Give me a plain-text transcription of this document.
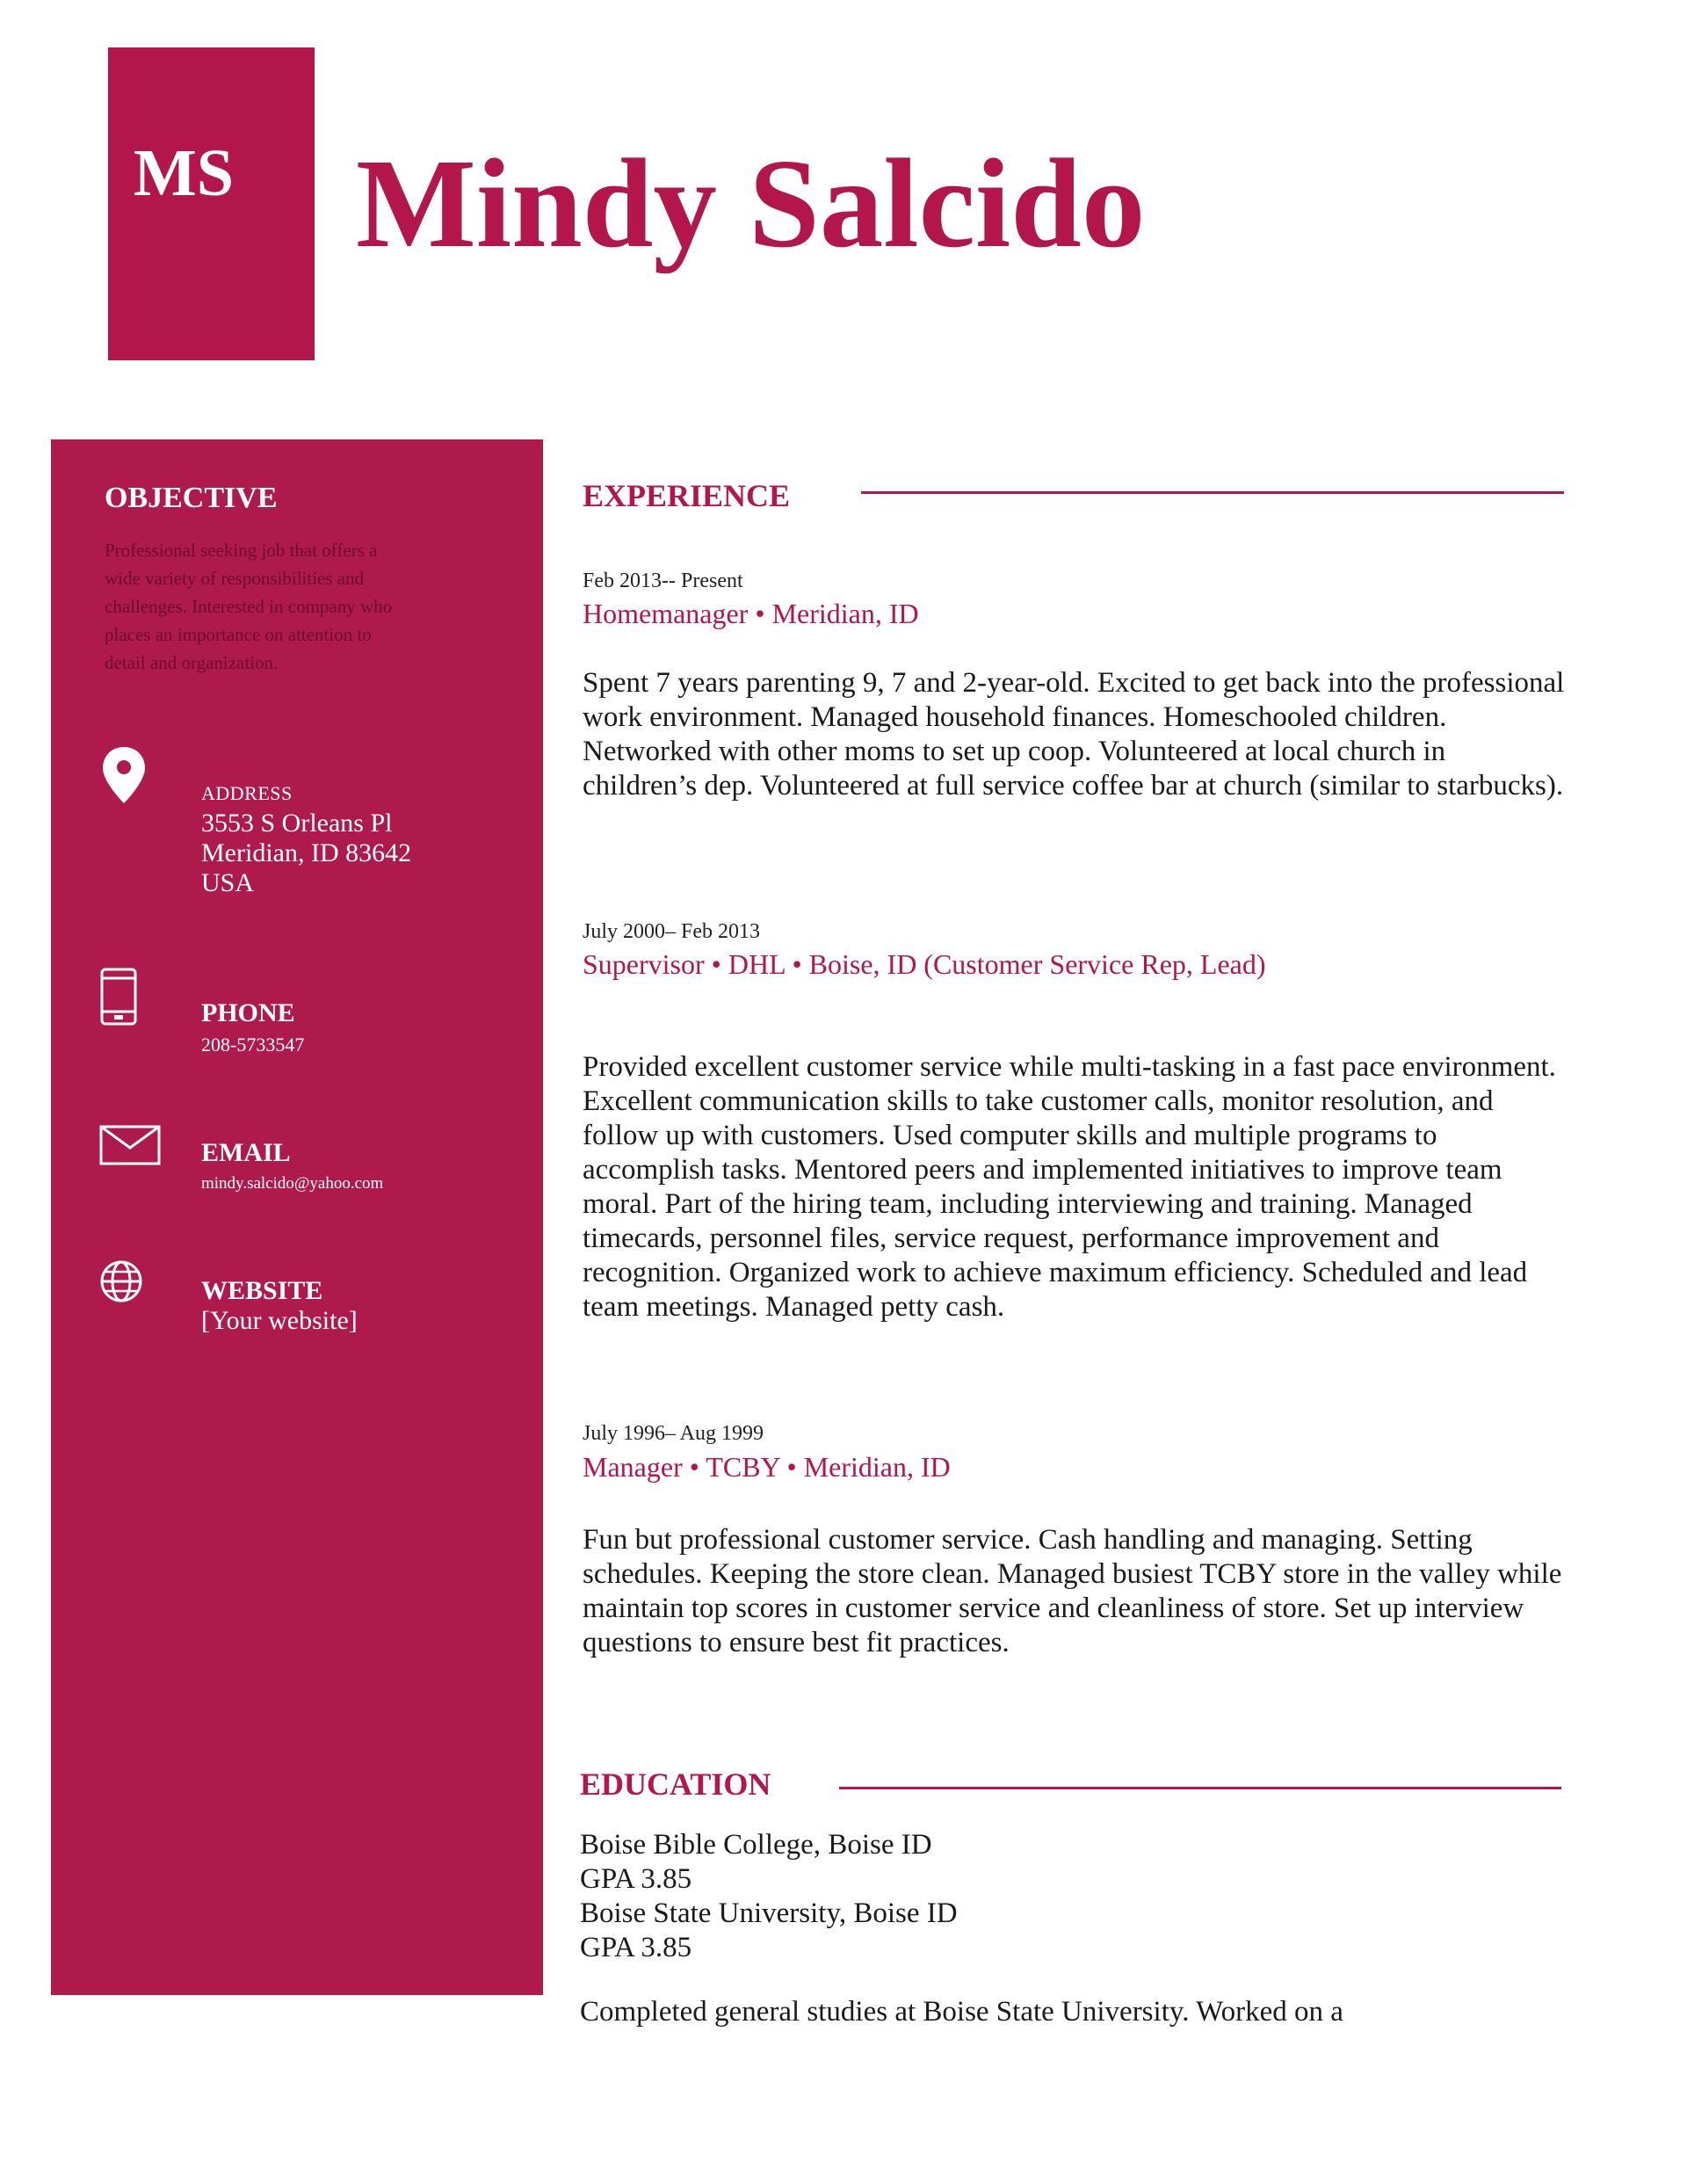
MS Mindy Salcido
OBJECTIVE
Professional seeking job that offers a wide variety of responsibilities and challenges. Interested in company who places an importance on attention to detail and organization.
ADDRESS
3553 S Orleans Pl
Meridian, ID 83642
USA
PHONE
208-5733547
EMAIL
mindy.salcido@yahoo.com
WEBSITE
[Your website]
EXPERIENCE
Feb 2013-- Present
Homemanager • Meridian, ID
Spent 7 years parenting 9, 7 and 2-year-old. Excited to get back into the professional work environment. Managed household finances. Homeschooled children. Networked with other moms to set up coop. Volunteered at local church in children’s dep. Volunteered at full service coffee bar at church (similar to starbucks).
July 2000– Feb 2013
Supervisor • DHL • Boise, ID (Customer Service Rep, Lead)
Provided excellent customer service while multi-tasking in a fast pace environment. Excellent communication skills to take customer calls, monitor resolution, and follow up with customers. Used computer skills and multiple programs to accomplish tasks. Mentored peers and implemented initiatives to improve team moral. Part of the hiring team, including interviewing and training. Managed timecards, personnel files, service request, performance improvement and recognition. Organized work to achieve maximum efficiency. Scheduled and lead team meetings. Managed petty cash.
July 1996– Aug 1999
Manager • TCBY • Meridian, ID
Fun but professional customer service. Cash handling and managing. Setting schedules. Keeping the store clean. Managed busiest TCBY store in the valley while maintain top scores in customer service and cleanliness of store. Set up interview questions to ensure best fit practices.
EDUCATION
Boise Bible College, Boise ID
GPA 3.85
Boise State University, Boise ID
GPA 3.85
Completed general studies at Boise State University. Worked on a
